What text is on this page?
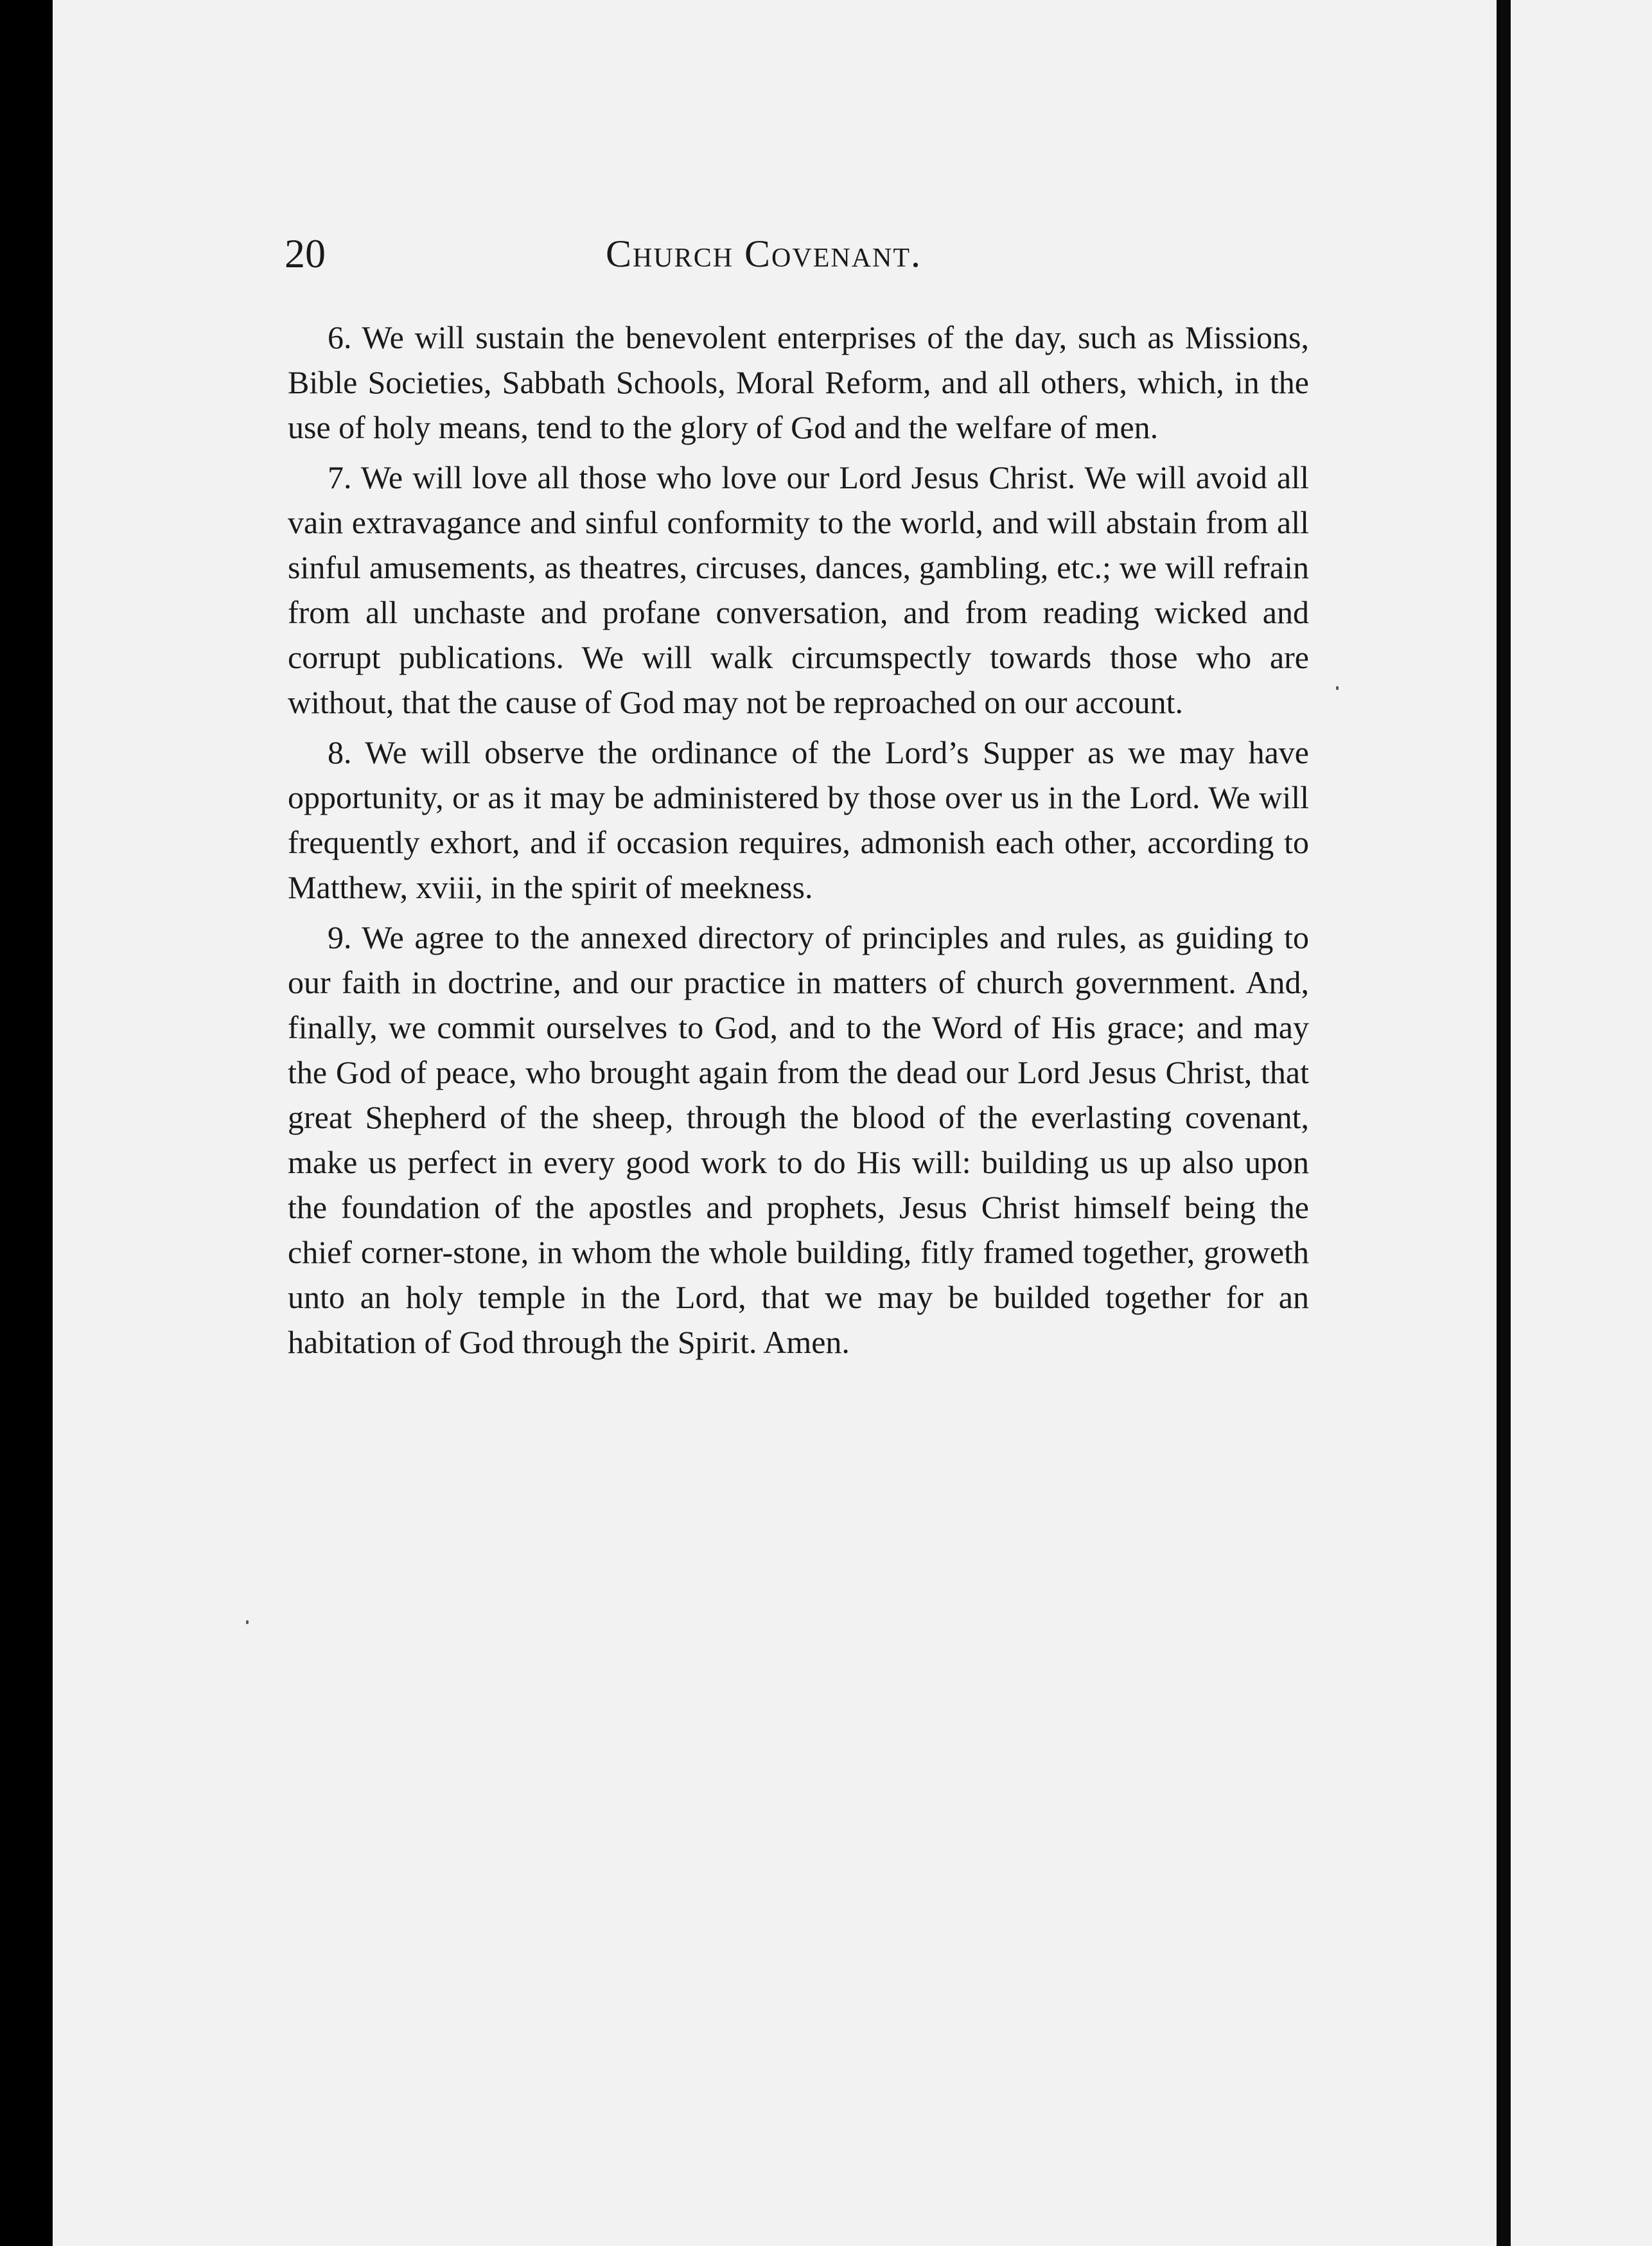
20	Church Covenant.

6. We will sustain the benevolent enterprises of the day, such as Missions, Bible Societies, Sabbath Schools, Moral Reform, and all others, which, in the use of holy means, tend to the glory of God and the welfare of men.

7. We will love all those who love our Lord Jesus Christ. We will avoid all vain extravagance and sinful conformity to the world, and will abstain from all sinful amusements, as theatres, circuses, dances, gambling, etc.; we will refrain from all unchaste and profane conversation, and from reading wicked and corrupt publications. We will walk circumspectly towards those who are without, that the cause of God may not be reproached on our account.

8. We will observe the ordinance of the Lord’s Supper as we may have opportunity, or as it may be administered by those over us in the Lord. We will frequently exhort, and if occasion requires, admonish each other, according to Matthew, xviii, in the spirit of meekness.

9. We agree to the annexed directory of principles and rules, as guiding to our faith in doctrine, and our practice in matters of church government. And, finally, we commit ourselves to God, and to the Word of His grace; and may the God of peace, who brought again from the dead our Lord Jesus Christ, that great Shepherd of the sheep, through the blood of the everlasting covenant, make us perfect in every good work to do His will: building us up also upon the foundation of the apostles and prophets, Jesus Christ himself being the chief corner-stone, in whom the whole building, fitly framed together, groweth unto an holy temple in the Lord, that we may be builded together for an habitation of God through the Spirit. Amen.
